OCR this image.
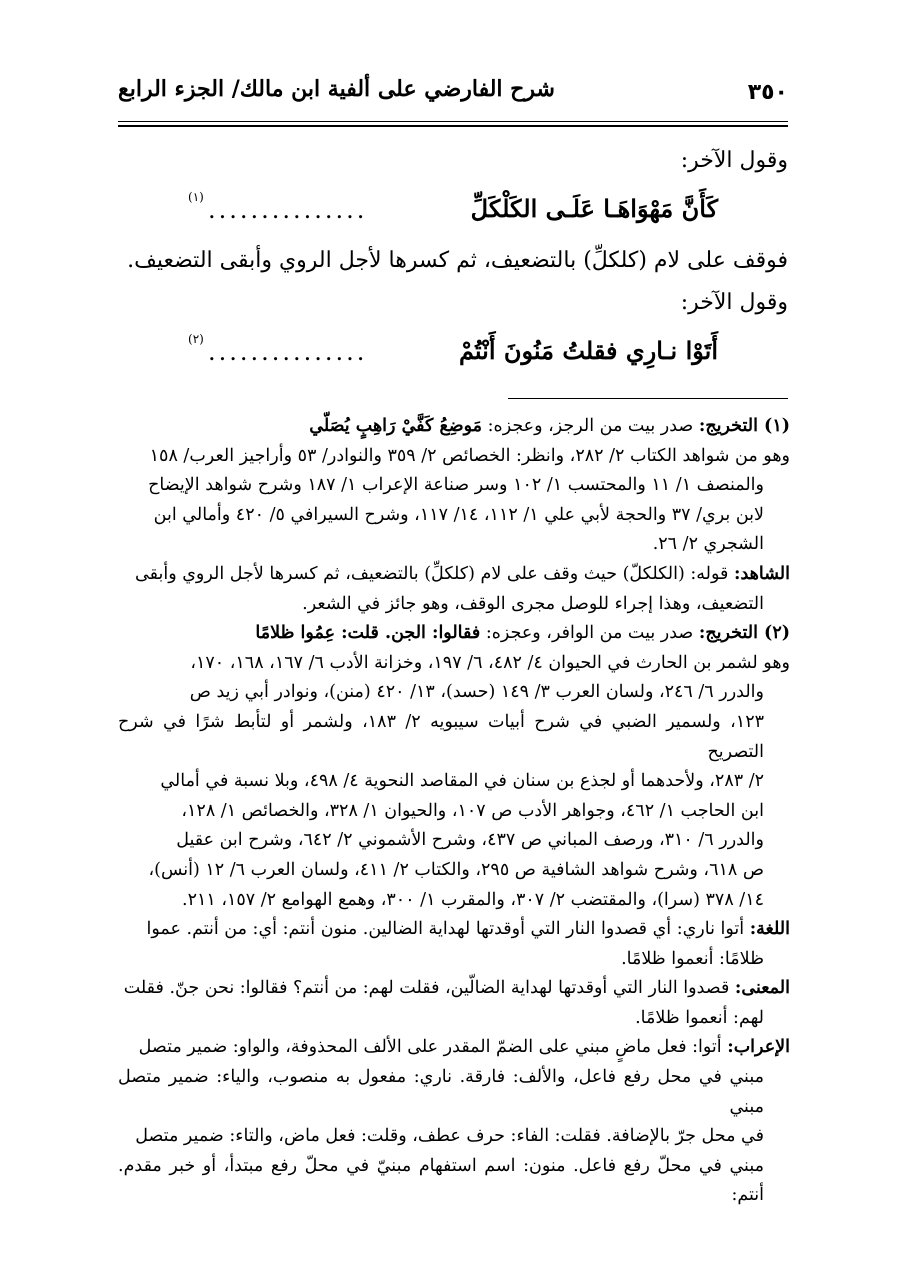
٣٥٠
شرح الفارضي على ألفية ابن مالك/ الجزء الرابع
وقول الآخر:
كَأَنَّ مَهْوَاهَـا عَلَـى الكَلْكَلِّ
...............
(١)
فوقف على لام (كلكلِّ) بالتضعيف، ثم كسرها لأجل الروي وأبقى التضعيف.
وقول الآخر:
أَتَوْا نـارِي فقلتُ مَنُونَ أَنْتُمْ
...............
(٢)
(١) التخريج: صدر بيت من الرجز، وعجزه: مَوضِعُ كَفَّيْ رَاهِبٍ يُصَلّي
وهو من شواهد الكتاب ٢/ ٢٨٢، وانظر: الخصائص ٢/ ٣٥٩ والنوادر/ ٥٣ وأراجيز العرب/ ١٥٨
والمنصف ١/ ١١ والمحتسب ١/ ١٠٢ وسر صناعة الإعراب ١/ ١٨٧ وشرح شواهد الإيضاح
لابن بري/ ٣٧ والحجة لأبي علي ١/ ١١٢، ١٤/ ١١٧، وشرح السيرافي ٥/ ٤٢٠ وأمالي ابن
الشجري ٢/ ٢٦.
الشاهد: قوله: (الكلكلّ) حيث وقف على لام (كلكلِّ) بالتضعيف، ثم كسرها لأجل الروي وأبقى
التضعيف، وهذا إجراء للوصل مجرى الوقف، وهو جائز في الشعر.
(٢) التخريج: صدر بيت من الوافر، وعجزه: فقالوا: الجن. قلت: عِمُوا ظلامًا
وهو لشمر بن الحارث في الحيوان ٤/ ٤٨٢، ٦/ ١٩٧، وخزانة الأدب ٦/ ١٦٧، ١٦٨، ١٧٠،
والدرر ٦/ ٢٤٦، ولسان العرب ٣/ ١٤٩ (حسد)، ١٣/ ٤٢٠ (منن)، ونوادر أبي زيد ص
١٢٣، ولسمير الضبي في شرح أبيات سيبويه ٢/ ١٨٣، ولشمر أو لتأبط شرًا في شرح التصريح
٢/ ٢٨٣، ولأحدهما أو لجذع بن سنان في المقاصد النحوية ٤/ ٤٩٨، وبلا نسبة في أمالي
ابن الحاجب ١/ ٤٦٢، وجواهر الأدب ص ١٠٧، والحيوان ١/ ٣٢٨، والخصائص ١/ ١٢٨،
والدرر ٦/ ٣١٠، ورصف المباني ص ٤٣٧، وشرح الأشموني ٢/ ٦٤٢، وشرح ابن عقيل
ص ٦١٨، وشرح شواهد الشافية ص ٢٩٥، والكتاب ٢/ ٤١١، ولسان العرب ٦/ ١٢ (أنس)،
١٤/ ٣٧٨ (سرا)، والمقتضب ٢/ ٣٠٧، والمقرب ١/ ٣٠٠، وهمع الهوامع ٢/ ١٥٧، ٢١١.
اللغة: أتوا ناري: أي قصدوا النار التي أوقدتها لهداية الضالين. منون أنتم: أي: من أنتم. عموا
ظلامًا: أنعموا ظلامًا.
المعنى: قصدوا النار التي أوقدتها لهداية الضالّين، فقلت لهم: من أنتم؟ فقالوا: نحن جنّ. فقلت
لهم: أنعموا ظلامًا.
الإعراب: أتوا: فعل ماضٍ مبني على الضمّ المقدر على الألف المحذوفة، والواو: ضمير متصل
مبني في محل رفع فاعل، والألف: فارقة. ناري: مفعول به منصوب، والياء: ضمير متصل مبني
في محل جرّ بالإضافة. فقلت: الفاء: حرف عطف، وقلت: فعل ماض، والتاء: ضمير متصل
مبني في محلّ رفع فاعل. منون: اسم استفهام مبنيّ في محلّ رفع مبتدأ، أو خبر مقدم. أنتم:
